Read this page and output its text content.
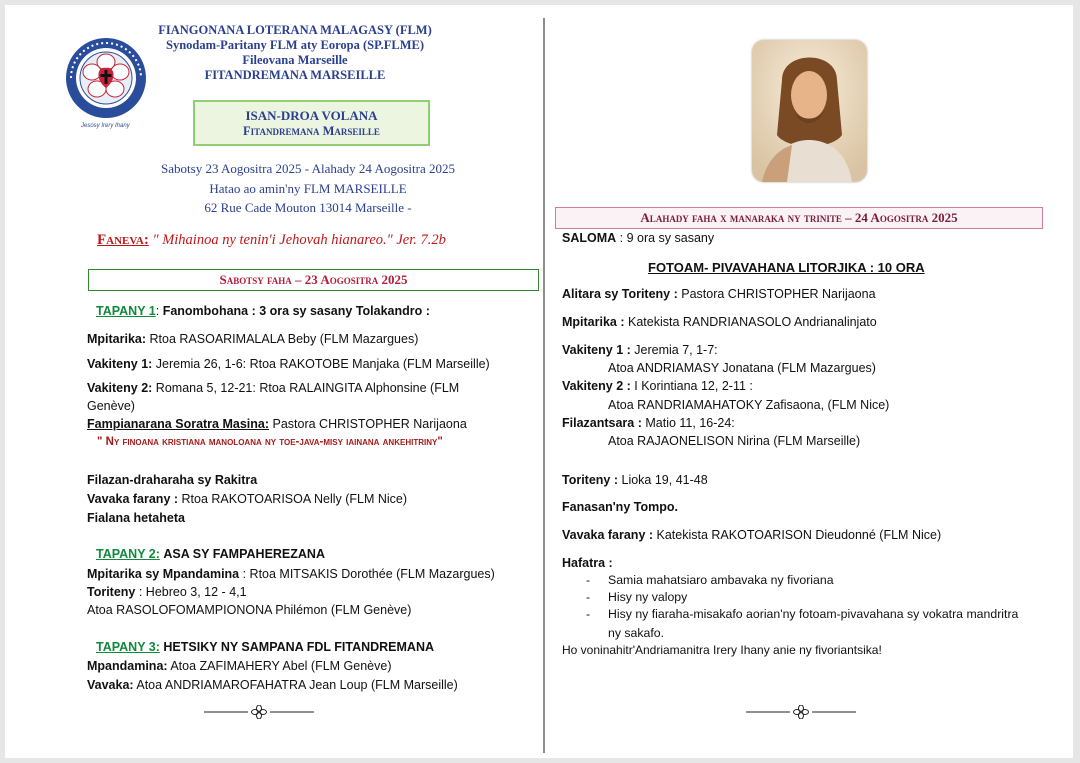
Jesosy Irery Ihany
FIANGONANA LOTERANA MALAGASY (FLM)
Synodam-Paritany FLM aty Eoropa (SP.FLME)
Fileovana Marseille
FITANDREMANA MARSEILLE
ISAN-DROA VOLANA
Fitandremana Marseille
Sabotsy 23 Aogositra 2025 - Alahady 24 Aogositra 2025
Hatao ao amin'ny FLM MARSEILLE
62 Rue Cade Mouton 13014 Marseille -
Faneva: " Mihainoa ny tenin'i Jehovah hianareo." Jer. 7.2b
Sabotsy faha – 23 Aogositra 2025
TAPANY 1: Fanombohana : 3 ora sy sasany Tolakandro :
Mpitarika: Rtoa RASOARIMALALA Beby (FLM Mazargues)
Vakiteny 1: Jeremia 26, 1-6: Rtoa RAKOTOBE Manjaka (FLM Marseille)
Vakiteny 2: Romana 5, 12-21: Rtoa RALAINGITA Alphonsine (FLM
Genève)
Fampianarana Soratra Masina: Pastora CHRISTOPHER Narijaona
" Ny finoana kristiana manoloana ny toe-java-misy iainana ankehitriny"
Filazan-draharaha sy Rakitra
Vavaka farany : Rtoa RAKOTOARISOA Nelly (FLM Nice)
Fialana hetaheta
TAPANY 2: ASA SY FAMPAHEREZANA
Mpitarika sy Mpandamina : Rtoa MITSAKIS Dorothée (FLM Mazargues)
Toriteny : Hebreo 3, 12 - 4,1
Atoa RASOLOFOMAMPIONONA Philémon (FLM Genève)
TAPANY 3: HETSIKY NY SAMPANA FDL FITANDREMANA
Mpandamina: Atoa ZAFIMAHERY Abel (FLM Genève)
Vavaka: Atoa ANDRIAMAROFAHATRA Jean Loup (FLM Marseille)
Alahady faha x manaraka ny trinite – 24 Aogositra 2025
SALOMA : 9 ora sy sasany
FOTOAM- PIVAVAHANA LITORJIKA : 10 ORA
Alitara sy Toriteny : Pastora CHRISTOPHER Narijaona
Mpitarika : Katekista RANDRIANASOLO Andrianalinjato
Vakiteny 1 : Jeremia 7, 1-7:
Atoa ANDRIAMASY Jonatana (FLM Mazargues)
Vakiteny 2 : I Korintiana 12, 2-11 :
Atoa RANDRIAMAHATOKY Zafisaona, (FLM Nice)
Filazantsara : Matio 11, 16-24:
Atoa RAJAONELISON Nirina (FLM Marseille)
Toriteny : Lioka 19, 41-48
Fanasan'ny Tompo.
Vavaka farany : Katekista RAKOTOARISON Dieudonné (FLM Nice)
Hafatra :
- Samia mahatsiaro ambavaka ny fivoriana
- Hisy ny valopy
- Hisy ny fiaraha-misakafo aorian'ny fotoam-pivavahana sy vokatra mandritra
ny sakafo.
Ho voninahitr'Andriamanitra Irery Ihany anie ny fivoriantsika!
